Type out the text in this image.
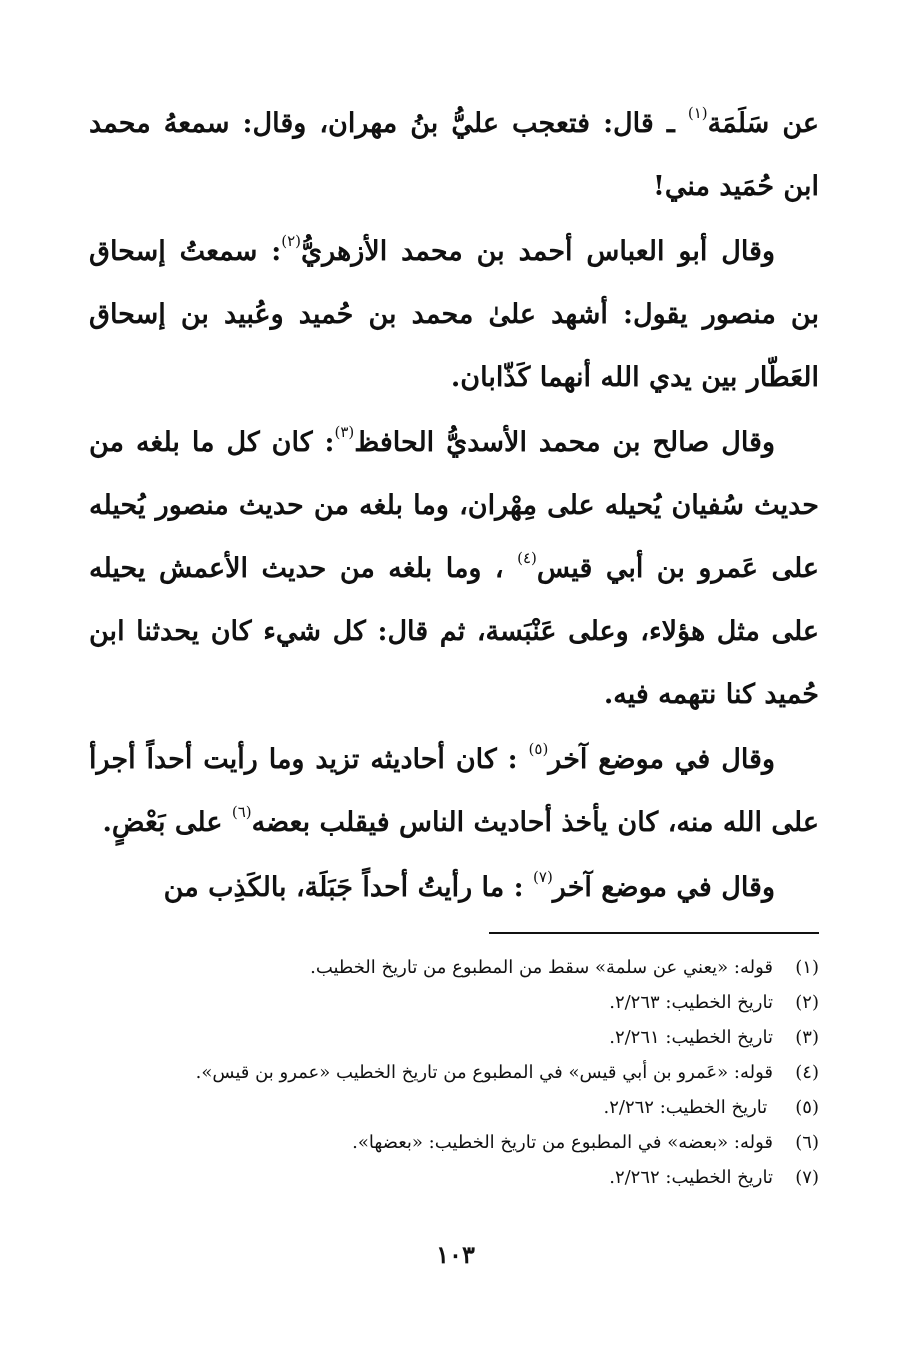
عن سَلَمَة$^{(١)}$ ـ قال: فتعجب عليُّ بنُ مهران، وقال: سمعهُ محمد ابن حُمَيد مني!

وقال أبو العباس أحمد بن محمد الأزهريُّ$^{(٢)}$: سمعتُ إسحاق بن منصور يقول: أشهد علىٰ محمد بن حُميد وعُبيد بن إسحاق العَطّار بين يدي الله أنهما كَذّابان.

وقال صالح بن محمد الأسديُّ الحافظ$^{(٣)}$: كان كل ما بلغه من حديث سُفيان يُحيله على مِهْران، وما بلغه من حديث منصور يُحيله على عَمرو بن أبي قيس$^{(٤)}$ ، وما بلغه من حديث الأعمش يحيله على مثل هؤلاء، وعلى عَنْبَسة، ثم قال: كل شيء كان يحدثنا ابن حُميد كنا نتهمه فيه.

وقال في موضع آخر$^{(٥)}$ : كان أحاديثه تزيد وما رأيت أحداً أجرأ على الله منه، كان يأخذ أحاديث الناس فيقلب بعضه$^{(٦)}$ على بَعْضٍ.

وقال في موضع آخر$^{(٧)}$ : ما رأيتُ أحداً جَبَلَة، بالكَذِب من

(١)قوله: «يعني عن سلمة» سقط من المطبوع من تاريخ الخطيب.
(٢)تاريخ الخطيب: ٢/٢٦٣.
(٣)تاريخ الخطيب: ٢/٢٦١.
(٤)قوله: «عَمرو بن أبي قيس» في المطبوع من تاريخ الخطيب «عمرو بن قيس».
(٥) تاريخ الخطيب: ٢/٢٦٢.
(٦)قوله: «بعضه» في المطبوع من تاريخ الخطيب: «بعضها».
(٧)تاريخ الخطيب: ٢/٢٦٢.
١٠٣
